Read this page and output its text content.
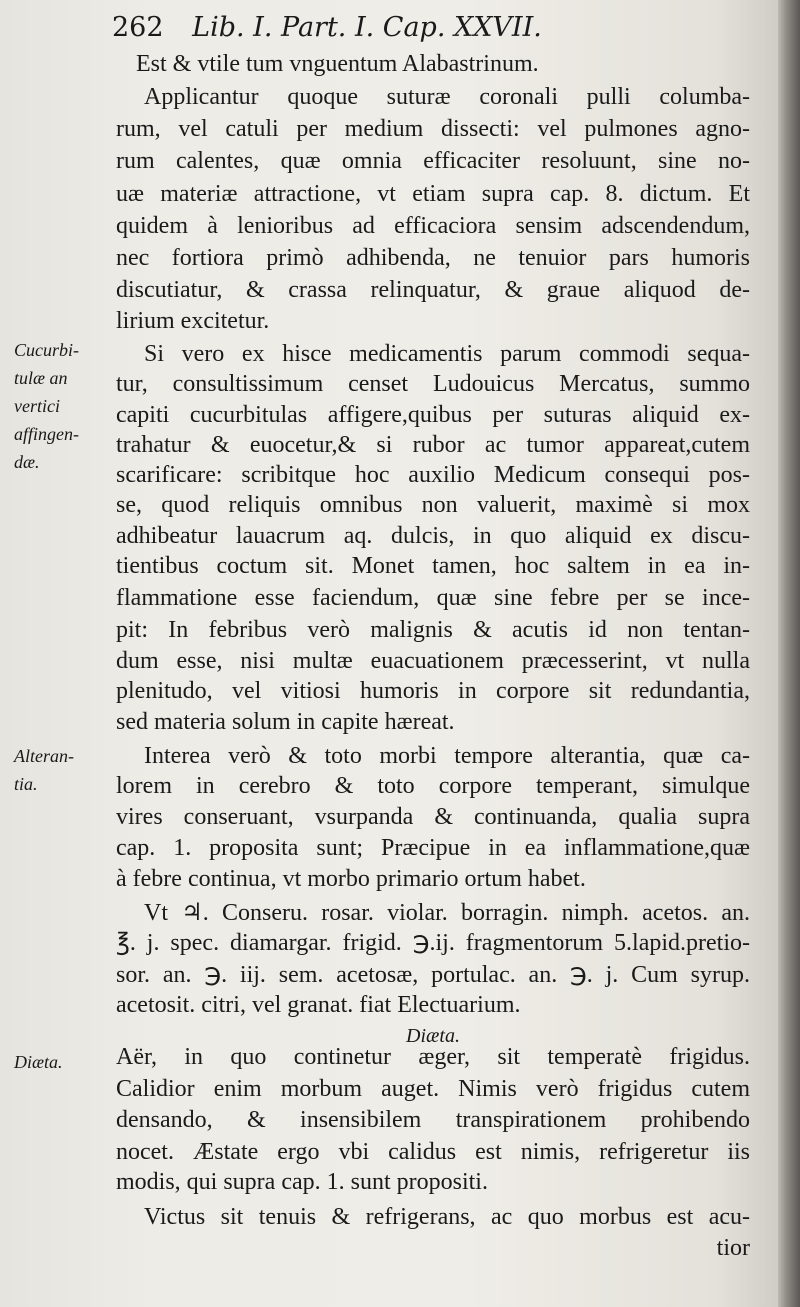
262 Lib. I. Part. I. Cap. XXVII.
Est & vtile tum vnguentum Alabastrinum.
Applicantur quoque suturæ coronali pulli columba-
rum, vel catuli per medium dissecti: vel pulmones agno-
rum calentes, quæ omnia efficaciter resoluunt, sine no-
uæ materiæ attractione, vt etiam supra cap. 8. dictum. Et
quidem à lenioribus ad efficaciora sensim adscendendum,
nec fortiora primò adhibenda, ne tenuior pars humoris
discutiatur, & crassa relinquatur, & graue aliquod de-
lirium excitetur.
Si vero ex hisce medicamentis parum commodi sequa-
tur, consultissimum censet Ludouicus Mercatus, summo
capiti cucurbitulas affigere,quibus per suturas aliquid ex-
trahatur & euocetur,& si rubor ac tumor appareat,cutem
scarificare: scribitque hoc auxilio Medicum consequi pos-
se, quod reliquis omnibus non valuerit, maximè si mox
adhibeatur lauacrum aq. dulcis, in quo aliquid ex discu-
tientibus coctum sit. Monet tamen, hoc saltem in ea in-
flammatione esse faciendum, quæ sine febre per se ince-
pit: In febribus verò malignis & acutis id non tentan-
dum esse, nisi multæ euacuationem præcesserint, vt nulla
plenitudo, vel vitiosi humoris in corpore sit redundantia,
sed materia solum in capite hæreat.
Interea verò & toto morbi tempore alterantia, quæ ca-
lorem in cerebro & toto corpore temperant, simulque
vires conseruant, vsurpanda & continuanda, qualia supra
cap. 1. proposita sunt; Præcipue in ea inflammatione,quæ
à febre continua, vt morbo primario ortum habet.
Vt ♃. Conseru. rosar. violar. borragin. nimph. acetos. an.
℥. j. spec. diamargar. frigid. ℈.ij. fragmentorum 5.lapid.pretio-
sor. an. ℈. iij. sem. acetosæ, portulac. an. ℈. j. Cum syrup.
acetosit. citri, vel granat. fiat Electuarium.
Diæta.
Aër, in quo continetur æger, sit temperatè frigidus.
Calidior enim morbum auget. Nimis verò frigidus cutem
densando, & insensibilem transpirationem prohibendo
nocet. Æstate ergo vbi calidus est nimis, refrigeretur iis
modis, qui supra cap. 1. sunt propositi.
Victus sit tenuis & refrigerans, ac quo morbus est acu-
tior
Cucurbi-
tulæ an
vertici
affingen-
dæ.
Alteran-
tia.
Diæta.
